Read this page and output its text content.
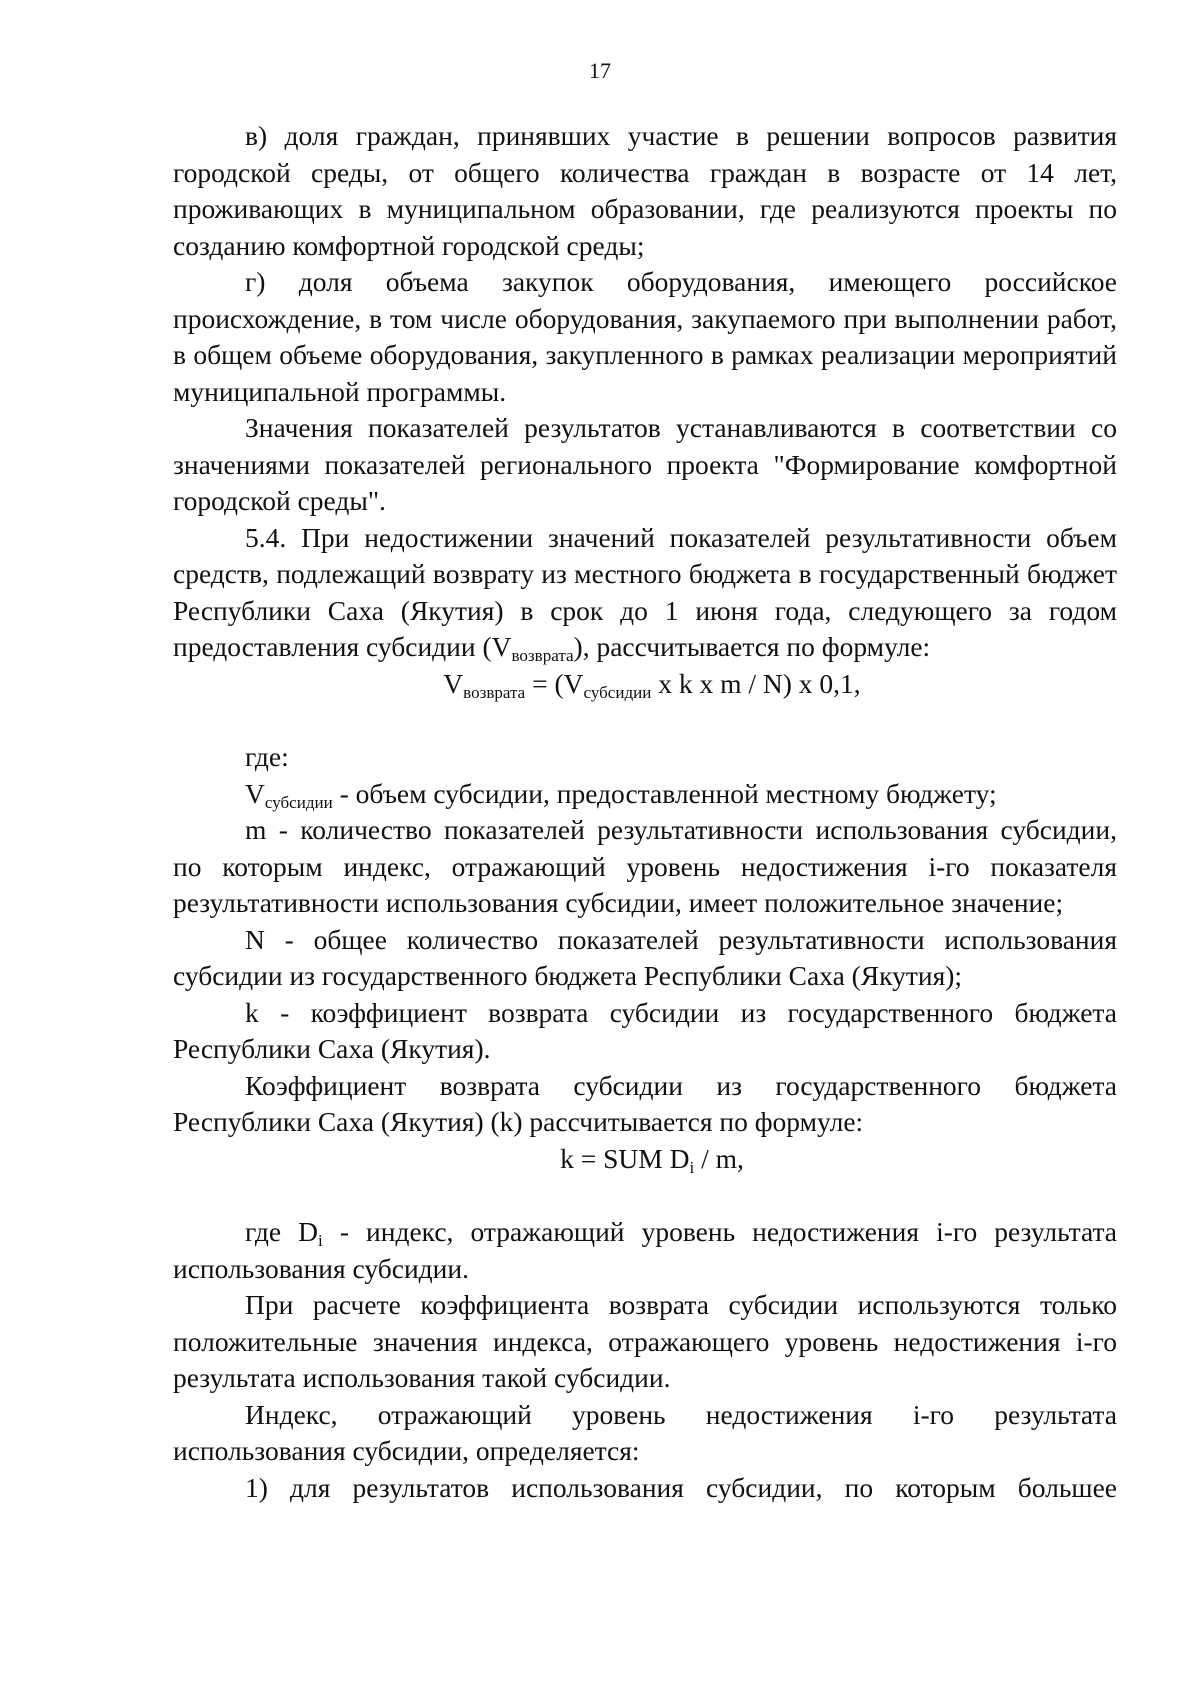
17

в) доля граждан, принявших участие в решении вопросов развития городской среды, от общего количества граждан в возрасте от 14 лет, проживающих в муниципальном образовании, где реализуются проекты по созданию комфортной городской среды;

г) доля объема закупок оборудования, имеющего российское происхождение, в том числе оборудования, закупаемого при выполнении работ, в общем объеме оборудования, закупленного в рамках реализации мероприятий муниципальной программы.

Значения показателей результатов устанавливаются в соответствии со значениями показателей регионального проекта "Формирование комфортной городской среды".

5.4. При недостижении значений показателей результативности объем средств, подлежащий возврату из местного бюджета в государственный бюджет Республики Саха (Якутия) в срок до 1 июня года, следующего за годом предоставления субсидии $(V_{возврата})$, рассчитывается по формуле:

$V_{возврата} = (V_{субсидии}$ x k x m / N) x 0,1,

где:

$V_{субсидии}$ - объем субсидии, предоставленной местному бюджету;

m - количество показателей результативности использования субсидии, по которым индекс, отражающий уровень недостижения i-го показателя результативности использования субсидии, имеет положительное значение;

N - общее количество показателей результативности использования субсидии из государственного бюджета Республики Саха (Якутия);

k - коэффициент возврата субсидии из государственного бюджета Республики Саха (Якутия).

Коэффициент возврата субсидии из государственного бюджета Республики Саха (Якутия) (k) рассчитывается по формуле:

k = SUM $D_i$ / m,

где $D_i$ - индекс, отражающий уровень недостижения i-го результата использования субсидии.

При расчете коэффициента возврата субсидии используются только положительные значения индекса, отражающего уровень недостижения i-го результата использования такой субсидии.

Индекс, отражающий уровень недостижения i-го результата использования субсидии, определяется:

1) для результатов использования субсидии, по которым большее
